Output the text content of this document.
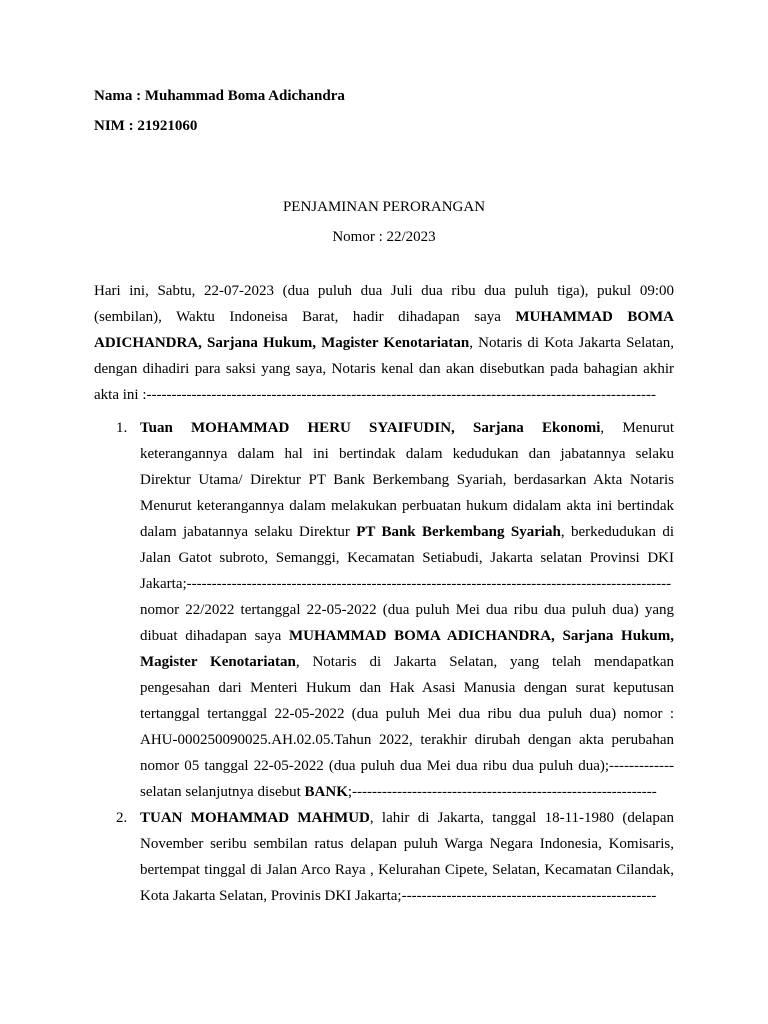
Nama : Muhammad Boma Adichandra
NIM : 21921060
PENJAMINAN PERORANGAN
Nomor : 22/2023
Hari ini, Sabtu, 22-07-2023 (dua puluh dua Juli dua ribu dua puluh tiga), pukul 09:00
(sembilan), Waktu Indoneisa Barat, hadir dihadapan saya MUHAMMAD BOMA
ADICHANDRA, Sarjana Hukum, Magister Kenotariatan, Notaris di Kota Jakarta Selatan,
dengan dihadiri para saksi yang saya, Notaris kenal dan akan disebutkan pada bahagian akhir
akta ini :------------------------------------------------------------------------------------------------------
1. Tuan MOHAMMAD HERU SYAIFUDIN, Sarjana Ekonomi, Menurut
keterangannya dalam hal ini bertindak dalam kedudukan dan jabatannya selaku
Direktur Utama/ Direktur PT Bank Berkembang Syariah, berdasarkan Akta Notaris
Menurut keterangannya dalam melakukan perbuatan hukum didalam akta ini bertindak
dalam jabatannya selaku Direktur PT Bank Berkembang Syariah, berkedudukan di
Jalan Gatot subroto, Semanggi, Kecamatan Setiabudi, Jakarta selatan Provinsi DKI
Jakarta;-------------------------------------------------------------------------------------------------
nomor 22/2022 tertanggal 22-05-2022 (dua puluh Mei dua ribu dua puluh dua) yang
dibuat dihadapan saya MUHAMMAD BOMA ADICHANDRA, Sarjana Hukum,
Magister Kenotariatan, Notaris di Jakarta Selatan, yang telah mendapatkan
pengesahan dari Menteri Hukum dan Hak Asasi Manusia dengan surat keputusan
tertanggal tertanggal 22-05-2022 (dua puluh Mei dua ribu dua puluh dua) nomor :
AHU-000250090025.AH.02.05.Tahun 2022, terakhir dirubah dengan akta perubahan
nomor 05 tanggal 22-05-2022 (dua puluh dua Mei dua ribu dua puluh dua);-------------
selatan selanjutnya disebut BANK;-------------------------------------------------------------
2. TUAN MOHAMMAD MAHMUD, lahir di Jakarta, tanggal 18-11-1980 (delapan
November seribu sembilan ratus delapan puluh Warga Negara Indonesia, Komisaris,
bertempat tinggal di Jalan Arco Raya , Kelurahan Cipete, Selatan, Kecamatan Cilandak,
Kota Jakarta Selatan, Provinis DKI Jakarta;---------------------------------------------------
